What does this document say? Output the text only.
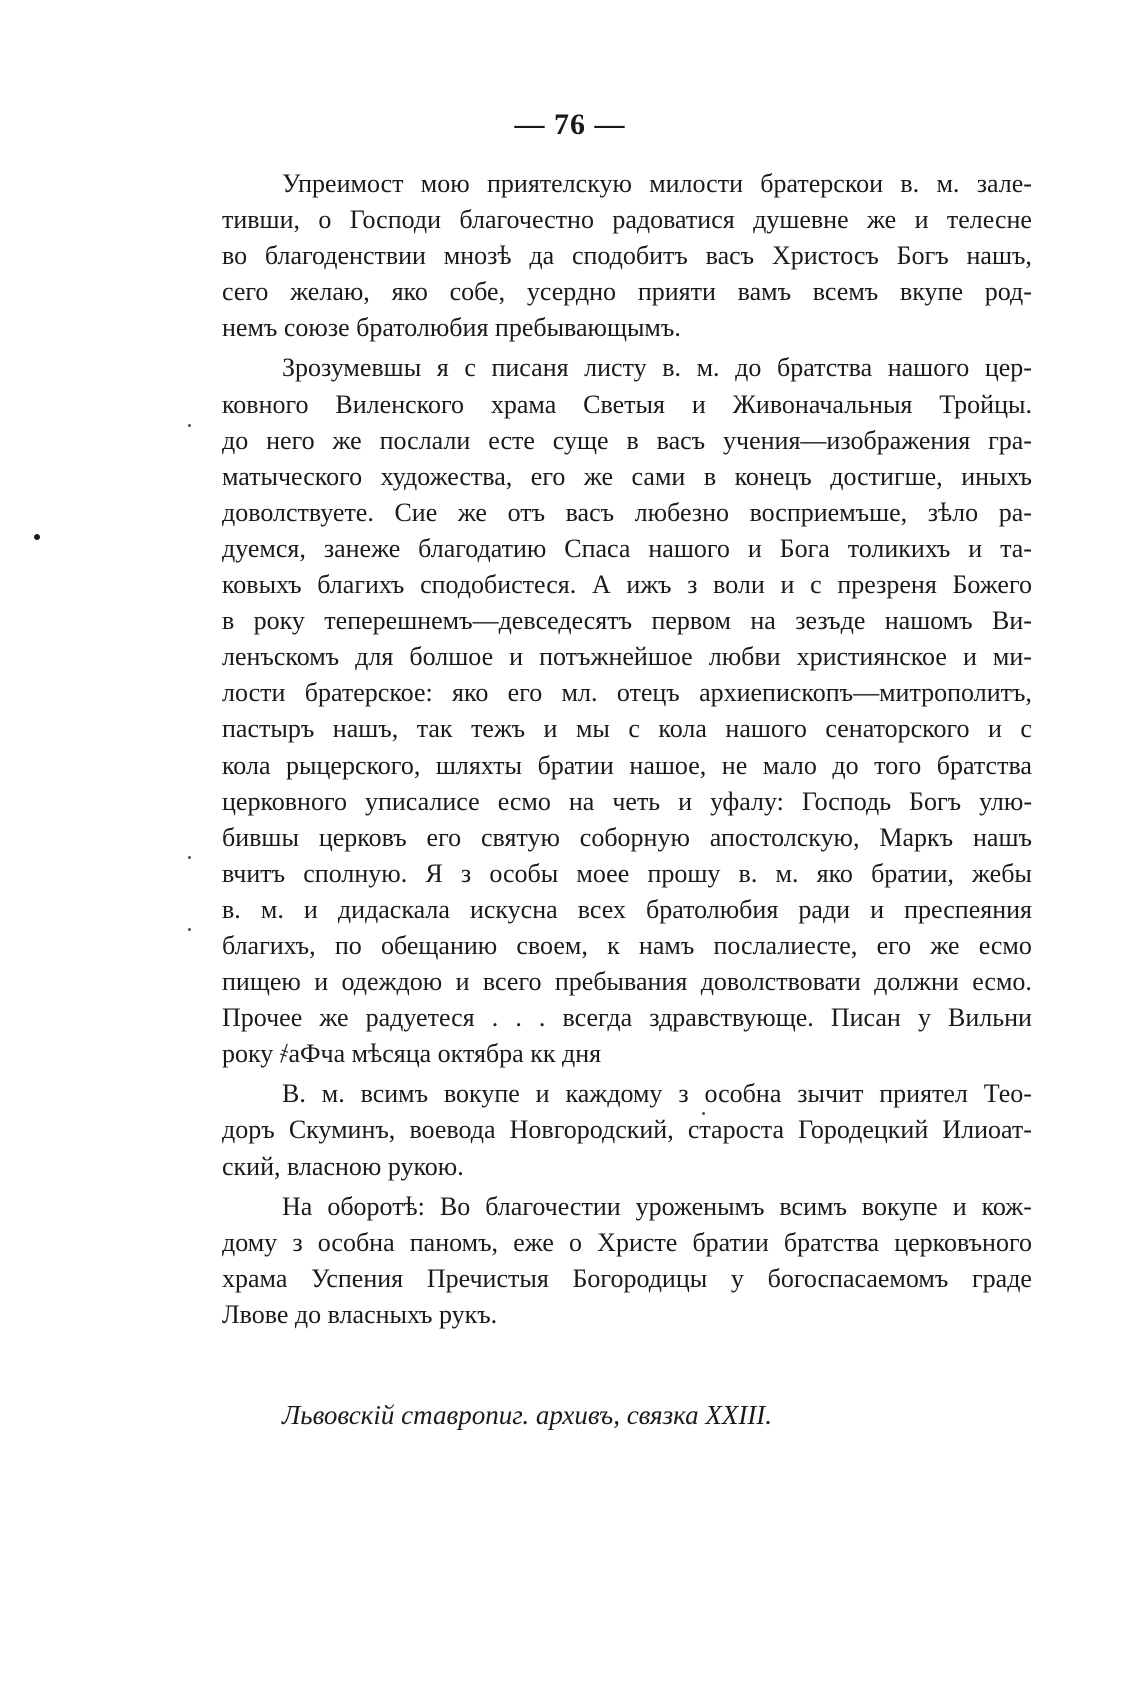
— 76 —
Упреимост мою приятелскую милости братерскои в. м. зале-
тивши, о Господи благочестно радоватися душевне же и телесне
во благоденствии мнозѣ да сподобитъ васъ Христосъ Богъ нашъ,
сего желаю, яко собе, усердно прияти вамъ всемъ вкупе род-
немъ союзе братолюбия пребывающымъ.
Зрозумевшы я с писаня листу в. м. до братства нашого цер-
ковного Виленского храма Светыя и Живоначальныя Тройцы.
до него же послали есте суще в васъ учения—изображения гра-
матыческого художества, его же сами в конецъ достигше, иныхъ
доволствуете. Сие же отъ васъ любезно восприемъше, зѣло ра-
дуемся, занеже благодатию Спаса нашого и Бога толикихъ и та-
ковыхъ благихъ сподобистеся. А ижъ з воли и с презреня Божего
в року теперешнемъ—девcедесятъ первом на зезъде нашомъ Ви-
ленъскомъ для болшое и потъжнейшое любви християнское и ми-
лости братерское: яко его мл. отецъ архиепископъ—митрополитъ,
пастыръ нашъ, так тежъ и мы с кола нашого сенаторского и с
кола рыцерского, шляхты братии нашое, не мало до того братства
церковного уписалисе есмо на четь и уфалу: Господь Богъ улю-
бившы церковъ его святую соборную апостолскую, Маркъ нашъ
вчитъ сполную. Я з особы моее прошу в. м. яко братии, жебы
в. м. и дидаскала искусна всех братолюбия ради и преспеяния
благихъ, по обещанию своем, к намъ послалиесте, его же есмо
пищею и одеждою и всего пребывания доволствовати должни есмо.
Прочее же радуетеся . . . всегда здравствующе. Писан у Вильни
року ҂аФча мѣсяца октябра кк дня
В. м. всимъ вокупе и каждому з особна зычит приятел Тео-
доръ Скуминъ, воевода Новгородский, староста Городецкий Илиоат-
ский, власною рукою.
На оборотѣ: Во благочестии уроженымъ всимъ вокупе и кож-
дому з особна паномъ, еже о Христе братии братства церковъного
храма Успения Пречистыя Богородицы у богоспасаемомъ граде
Лвове до власныхъ рукъ.
Львовскій ставропиг. архивъ, связка XXIII.
